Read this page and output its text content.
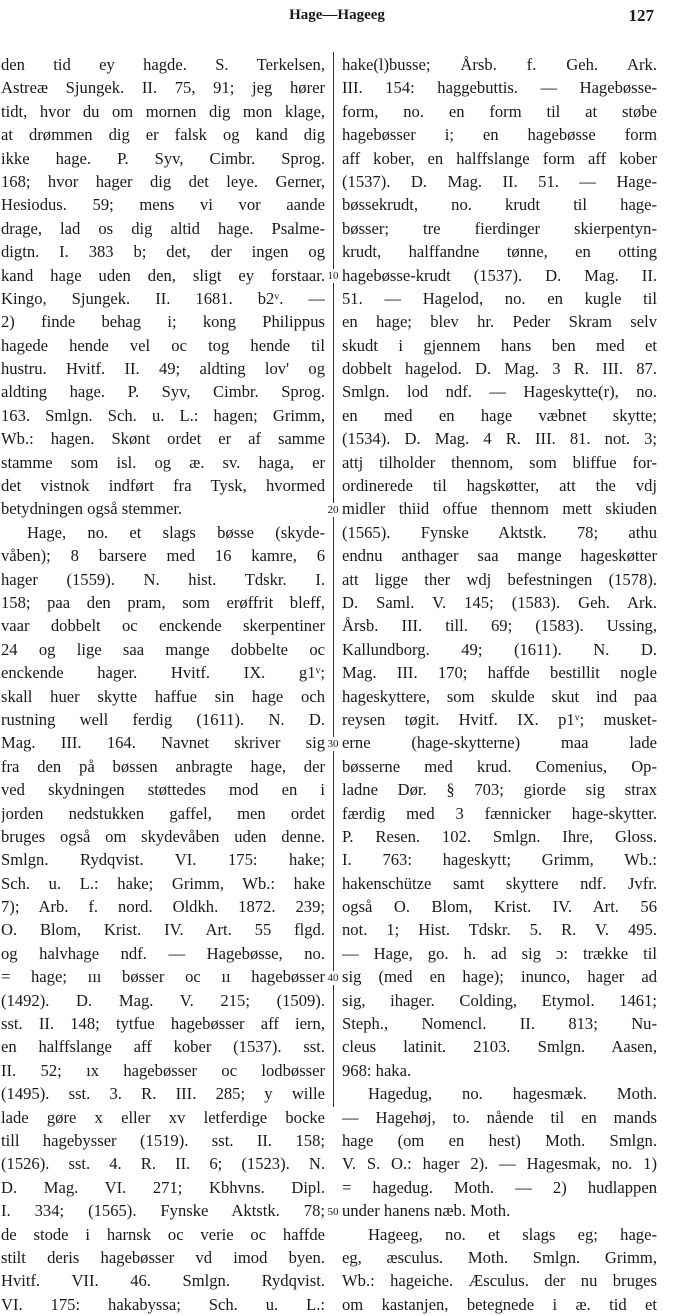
Hage—Hageeg	127
den tid ey hagde. S. Terkelsen,
Astreæ Sjungek. II. 75, 91; jeg hører
tidt, hvor du om mornen dig mon klage,
at drømmen dig er falsk og kand dig
ikke hage. P. Syv, Cimbr. Sprog.
168; hvor hager dig det leye. Gerner,
Hesiodus. 59; mens vi vor aande
drage, lad os dig altid hage. Psalme-
digtn. I. 383 b; det, der ingen og
kand hage uden den, sligt ey forstaar.
Kingo, Sjungek. II. 1681. b2ᵛ. —
2) finde behag i; kong Philippus
hagede hende vel oc tog hende til
hustru. Hvitf. II. 49; aldting lov' og
aldting hage. P. Syv, Cimbr. Sprog.
163. Smlgn. Sch. u. L.: hagen; Grimm,
Wb.: hagen. Skønt ordet er af samme
stamme som isl. og æ. sv. haga, er
det vistnok indført fra Tysk, hvormed
betydningen også stemmer.
Hage, no. et slags bøsse (skyde-
våben); 8 barsere med 16 kamre, 6
hager (1559). N. hist. Tdskr. I.
158; paa den pram, som erøffrit bleff,
vaar dobbelt oc enckende skerpentiner
24 og lige saa mange dobbelte oc
enckende hager. Hvitf. IX. g1ᵛ;
skall huer skytte haffue sin hage och
rustning well ferdig (1611). N. D.
Mag. III. 164. Navnet skriver sig
fra den på bøssen anbragte hage, der
ved skydningen støttedes mod en i
jorden nedstukken gaffel, men ordet
bruges også om skydevåben uden denne.
Smlgn. Rydqvist. VI. 175: hake;
Sch. u. L.: hake; Grimm, Wb.: hake
7); Arb. f. nord. Oldkh. 1872. 239;
O. Blom, Krist. IV. Art. 55 flgd.
og halvhage ndf. — Hagebøsse, no.
= hage; ııı bøsser oc ıı hagebøsser
(1492). D. Mag. V. 215; (1509).
sst. II. 148; tytfue hagebøsser aff iern,
en halffslange aff kober (1537). sst.
II. 52; ıx hagebøsser oc lodbøsser
(1495). sst. 3. R. III. 285; y wille
lade gøre x eller xv letferdige bocke
till hagebysser (1519). sst. II. 158;
(1526). sst. 4. R. II. 6; (1523). N.
D. Mag. VI. 271; Kbhvns. Dipl.
I. 334; (1565). Fynske Aktstk. 78;
de stode i harnsk oc verie oc haffde
stilt deris hagebøsser vd imod byen.
Hvitf. VII. 46. Smlgn. Rydqvist.
VI. 175: hakabyssa; Sch. u. L.:
hake(l)busse; Årsb. f. Geh. Ark.
III. 154: haggebuttis. — Hagebøsse-
form, no. en form til at støbe
hagebøsser i; en hagebøsse form
aff kober, en halffslange form aff kober
(1537). D. Mag. II. 51. — Hage-
bøssekrudt, no. krudt til hage-
bøsser; tre fierdinger skierpentyn-
krudt, halffandne tønne, en otting
hagebøsse-krudt (1537). D. Mag. II.
51. — Hagelod, no. en kugle til
en hage; blev hr. Peder Skram selv
skudt i gjennem hans ben med et
dobbelt hagelod. D. Mag. 3 R. III. 87.
Smlgn. lod ndf. — Hageskytte(r), no.
en med en hage væbnet skytte;
(1534). D. Mag. 4 R. III. 81. not. 3;
attj tilholder thennom, som bliffue for-
ordinerede til hagskøtter, att the vdj
midler thiid offue thennom mett skiuden
(1565). Fynske Aktstk. 78; athu
endnu anthager saa mange hageskøtter
att ligge ther wdj befestningen (1578).
D. Saml. V. 145; (1583). Geh. Ark.
Årsb. III. till. 69; (1583). Ussing,
Kallundborg. 49; (1611). N. D.
Mag. III. 170; haffde bestillit nogle
hageskyttere, som skulde skut ind paa
reysen tøgit. Hvitf. IX. p1ᵛ; musket-
erne (hage-skytterne) maa lade
bøsserne med krud. Comenius, Op-
ladne Dør. § 703; giorde sig strax
færdig med 3 fænnicker hage-skytter.
P. Resen. 102. Smlgn. Ihre, Gloss.
I. 763: hageskytt; Grimm, Wb.:
hakenschütze samt skyttere ndf. Jvfr.
også O. Blom, Krist. IV. Art. 56
not. 1; Hist. Tdskr. 5. R. V. 495.
— Hage, go. h. ad sig ɔ: trække til
sig (med en hage); inunco, hager ad
sig, ihager. Colding, Etymol. 1461;
Steph., Nomencl. II. 813; Nu-
cleus latinit. 2103. Smlgn. Aasen,
968: haka.
Hagedug, no. hagesmæk. Moth.
— Hagehøj, to. nående til en mands
hage (om en hest) Moth. Smlgn.
V. S. O.: hager 2). — Hagesmak, no. 1)
= hagedug. Moth. — 2) hudlappen
under hanens næb. Moth.
Hageeg, no. et slags eg; hage-
eg, æsculus. Moth. Smlgn. Grimm,
Wb.: hageiche. Æsculus. der nu bruges
om kastanjen, betegnede i æ. tid et
10
20
30
40
50
